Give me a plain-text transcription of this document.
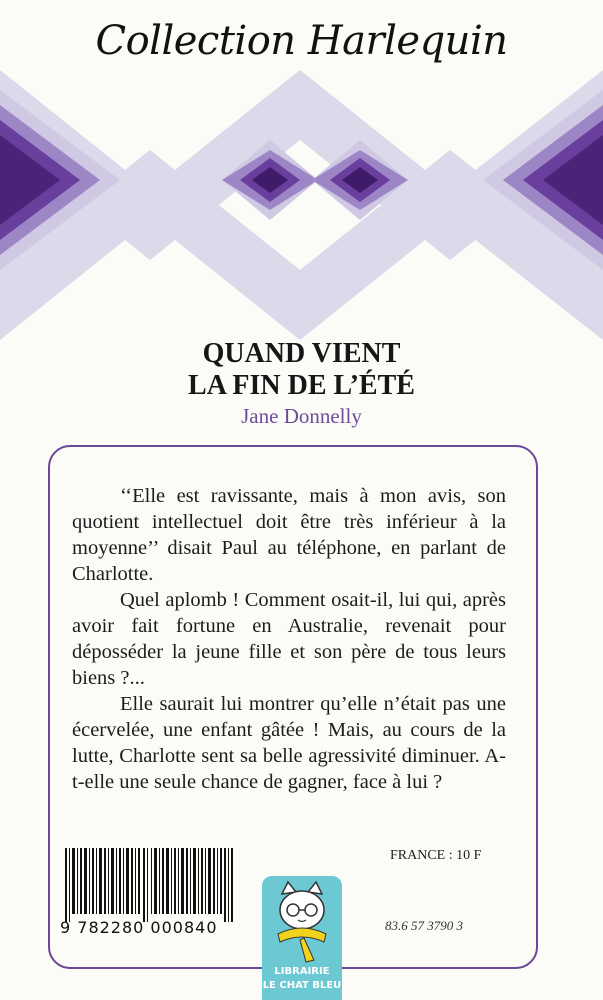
Collection Harlequin
QUAND VIENT
LA FIN DE L’ÉTÉ
Jane Donnelly

‘‘Elle est ravissante, mais à mon avis, son quotient intellectuel doit être très inférieur à la moyenne’’ disait Paul au téléphone, en parlant de Charlotte.

Quel aplomb ! Comment osait-il, lui qui, après avoir fait fortune en Australie, revenait pour déposséder la jeune fille et son père de tous leurs biens ?...

Elle saurait lui montrer qu’elle n’était pas une écervelée, une enfant gâtée ! Mais, au cours de la lutte, Charlotte sent sa belle agressivité diminuer. A-t-elle une seule chance de gagner, face à lui ?

9 782280 000840
FRANCE : 10 F
83.6 57 3790 3
LIBRAIRIE
LE CHAT BLEU
